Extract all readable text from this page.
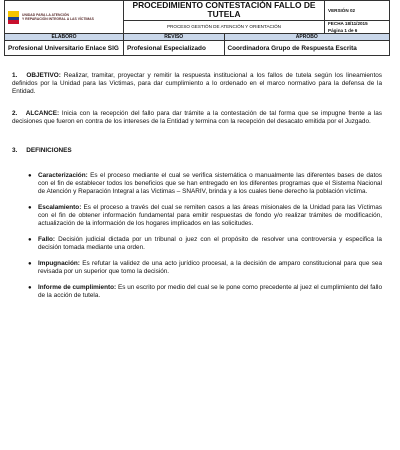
UNIDAD PARA LA ATENCIÓN
Y REPARACIÓN INTEGRAL A LAS VÍCTIMAS	PROCEDIMIENTO CONTESTACIÓN FALLO DE TUTELA		VERSIÓN 02
	PROCESO GESTIÓN DE ATENCIÓN Y ORIENTACIÓN		FECHA 18/11/2015
Página 1 de 6

ELABORO	REVISO	APROBO	
Profesional Universitario Enlace SIG	Profesional Especializado	Coordinadora Grupo de Respuesta Escrita	
1. OBJETIVO: Realizar, tramitar, proyectar y remitir la respuesta institucional a los fallos de tutela según los lineamientos definidos por la Unidad para las Victimas, para dar cumplimiento a lo ordenado en el marco normativo para la defensa de la Entidad.
2. ALCANCE: Inicia con la recepción del fallo para dar trámite a la contestación de tal forma que se impugne frente a las decisiones que fueron en contra de los intereses de la Entidad y termina con la recepción del desacato emitida por el Juzgado.
3. DEFINICIONES
● Caracterización: Es el proceso mediante el cual se verifica sistemática o manualmente las diferentes bases de datos con el fin de establecer todos los beneficios que se han entregado en los diferentes programas que el Sistema Nacional de Atención y Reparación Integral a las Victimas – SNARIV, brinda y a los cuales tiene derecho la población víctima.
● Escalamiento: Es el proceso a través del cual se remiten casos a las áreas misionales de la Unidad para las Víctimas con el fin de obtener información fundamental para emitir respuestas de fondo y/o realizar trámites de modificación, actualización de la información de los hogares implicados en las solicitudes.
● Fallo: Decisión judicial dictada por un tribunal o juez con el propósito de resolver una controversia y especifica la decisión tomada mediante una orden.
● Impugnación: Es refutar la validez de una acto jurídico procesal, a la decisión de amparo constitucional para que sea revisada por un superior que tomo la decisión.
● Informe de cumplimiento: Es un escrito por medio del cual se le pone como precedente al juez el cumplimiento del fallo de la acción de tutela.
